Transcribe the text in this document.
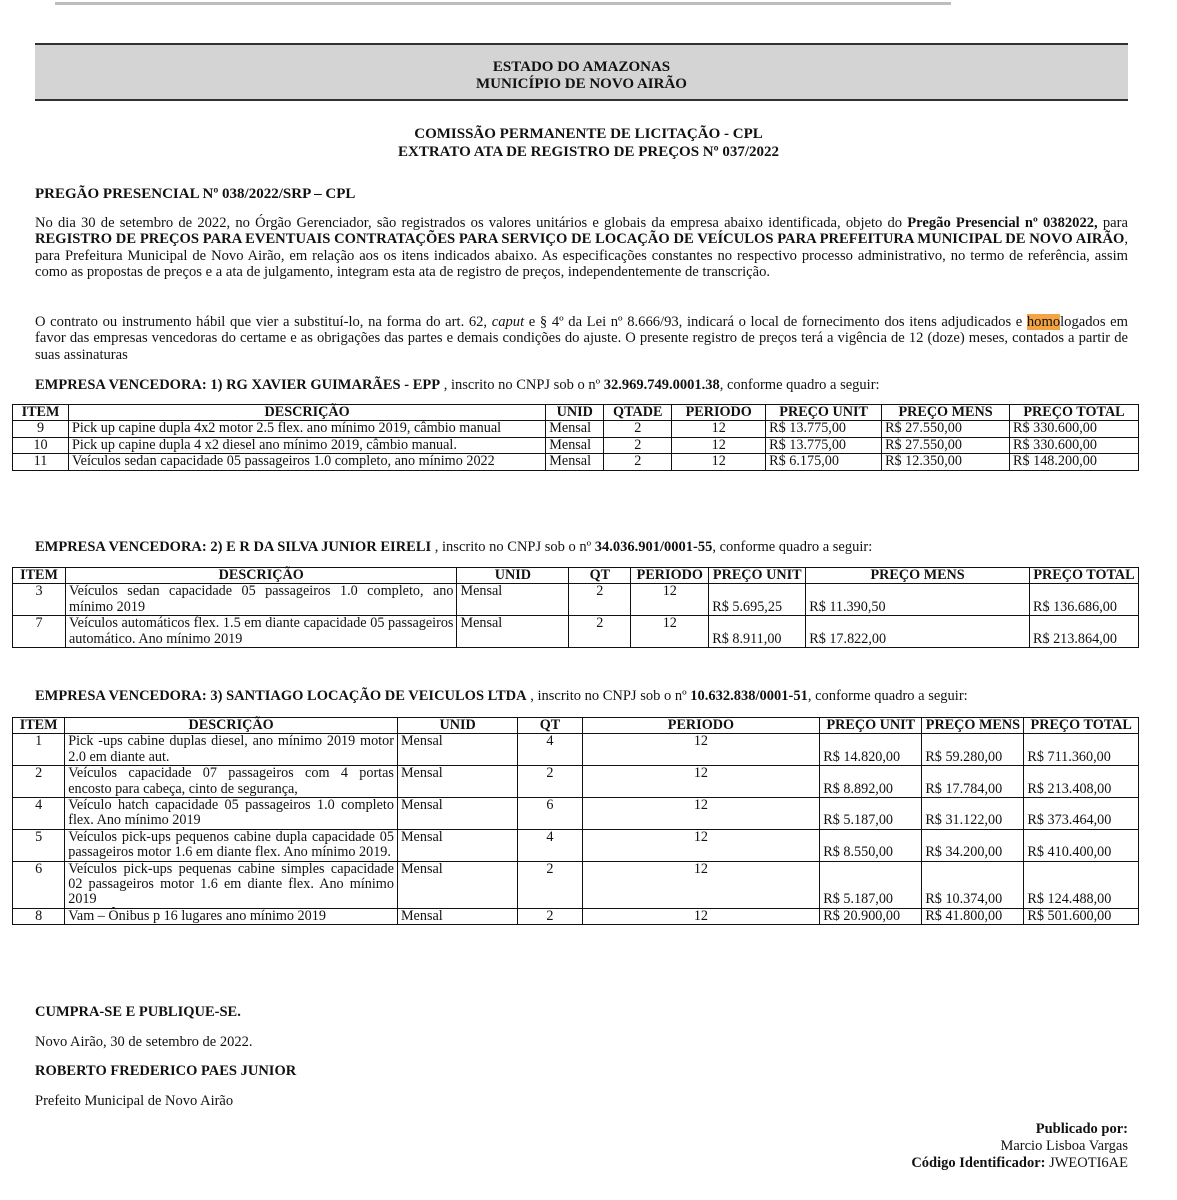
ESTADO DO AMAZONAS
MUNICÍPIO DE NOVO AIRÃO
COMISSÃO PERMANENTE DE LICITAÇÃO - CPL
EXTRATO ATA DE REGISTRO DE PREÇOS Nº 037/2022
PREGÃO PRESENCIAL Nº 038/2022/SRP – CPL
No dia 30 de setembro de 2022, no Órgão Gerenciador, são registrados os valores unitários e globais da empresa abaixo identificada, objeto do Pregão Presencial nº 0382022, para REGISTRO DE PREÇOS PARA EVENTUAIS CONTRATAÇÕES PARA SERVIÇO DE LOCAÇÃO DE VEÍCULOS PARA PREFEITURA MUNICIPAL DE NOVO AIRÃO, para Prefeitura Municipal de Novo Airão, em relação aos os itens indicados abaixo. As especificações constantes no respectivo processo administrativo, no termo de referência, assim como as propostas de preços e a ata de julgamento, integram esta ata de registro de preços, independentemente de transcrição.
O contrato ou instrumento hábil que vier a substituí-lo, na forma do art. 62, caput e § 4º da Lei nº 8.666/93, indicará o local de fornecimento dos itens adjudicados e homologados em favor das empresas vencedoras do certame e as obrigações das partes e demais condições do ajuste. O presente registro de preços terá a vigência de 12 (doze) meses, contados a partir de suas assinaturas
EMPRESA VENCEDORA: 1) RG XAVIER GUIMARÃES - EPP , inscrito no CNPJ sob o nº 32.969.749.0001.38, conforme quadro a seguir:
ITEM	DESCRIÇÃO	UNID	QTADE	PERIODO	PREÇO UNIT	PREÇO MENS	PREÇO TOTAL
9	Pick up capine dupla 4x2 motor 2.5 flex. ano mínimo 2019, câmbio manual	Mensal	2	12	R$ 13.775,00	R$ 27.550,00	R$ 330.600,00
10	Pick up capine dupla 4 x2 diesel ano mínimo 2019, câmbio manual.	Mensal	2	12	R$ 13.775,00	R$ 27.550,00	R$ 330.600,00
11	Veículos sedan capacidade 05 passageiros 1.0 completo, ano mínimo 2022	Mensal	2	12	R$ 6.175,00	R$ 12.350,00	R$ 148.200,00
EMPRESA VENCEDORA: 2) E R DA SILVA JUNIOR EIRELI , inscrito no CNPJ sob o nº 34.036.901/0001-55, conforme quadro a seguir:
ITEM	DESCRIÇÃO	UNID	QT	PERIODO	PREÇO UNIT	PREÇO MENS	PREÇO TOTAL
3	Veículos sedan capacidade 05 passageiros 1.0 completo, ano mínimo 2019	Mensal	2	12	R$ 5.695,25	R$ 11.390,50	R$ 136.686,00
7	Veículos automáticos flex. 1.5 em diante capacidade 05 passageiros automático. Ano mínimo 2019	Mensal	2	12	R$ 8.911,00	R$ 17.822,00	R$ 213.864,00
EMPRESA VENCEDORA: 3) SANTIAGO LOCAÇÃO DE VEICULOS LTDA , inscrito no CNPJ sob o nº 10.632.838/0001-51, conforme quadro a seguir:
ITEM	DESCRIÇÃO	UNID	QT	PERIODO	PREÇO UNIT	PREÇO MENS	PREÇO TOTAL
1	Pick -ups cabine duplas diesel, ano mínimo 2019 motor 2.0 em diante aut.	Mensal	4	12	R$ 14.820,00	R$ 59.280,00	R$ 711.360,00
2	Veículos capacidade 07 passageiros com 4 portas encosto para cabeça, cinto de segurança,	Mensal	2	12	R$ 8.892,00	R$ 17.784,00	R$ 213.408,00
4	Veículo hatch capacidade 05 passageiros 1.0 completo flex. Ano mínimo 2019	Mensal	6	12	R$ 5.187,00	R$ 31.122,00	R$ 373.464,00
5	Veículos pick-ups pequenos cabine dupla capacidade 05 passageiros motor 1.6 em diante flex. Ano mínimo 2019.	Mensal	4	12	R$ 8.550,00	R$ 34.200,00	R$ 410.400,00
6	Veículos pick-ups pequenas cabine simples capacidade 02 passageiros motor 1.6 em diante flex. Ano mínimo 2019	Mensal	2	12	R$ 5.187,00	R$ 10.374,00	R$ 124.488,00
8	Vam – Ônibus p 16 lugares ano mínimo 2019	Mensal	2	12	R$ 20.900,00	R$ 41.800,00	R$ 501.600,00
CUMPRA-SE E PUBLIQUE-SE.
Novo Airão, 30 de setembro de 2022.
ROBERTO FREDERICO PAES JUNIOR
Prefeito Municipal de Novo Airão
Publicado por:
Marcio Lisboa Vargas
Código Identificador: JWEOTI6AE
